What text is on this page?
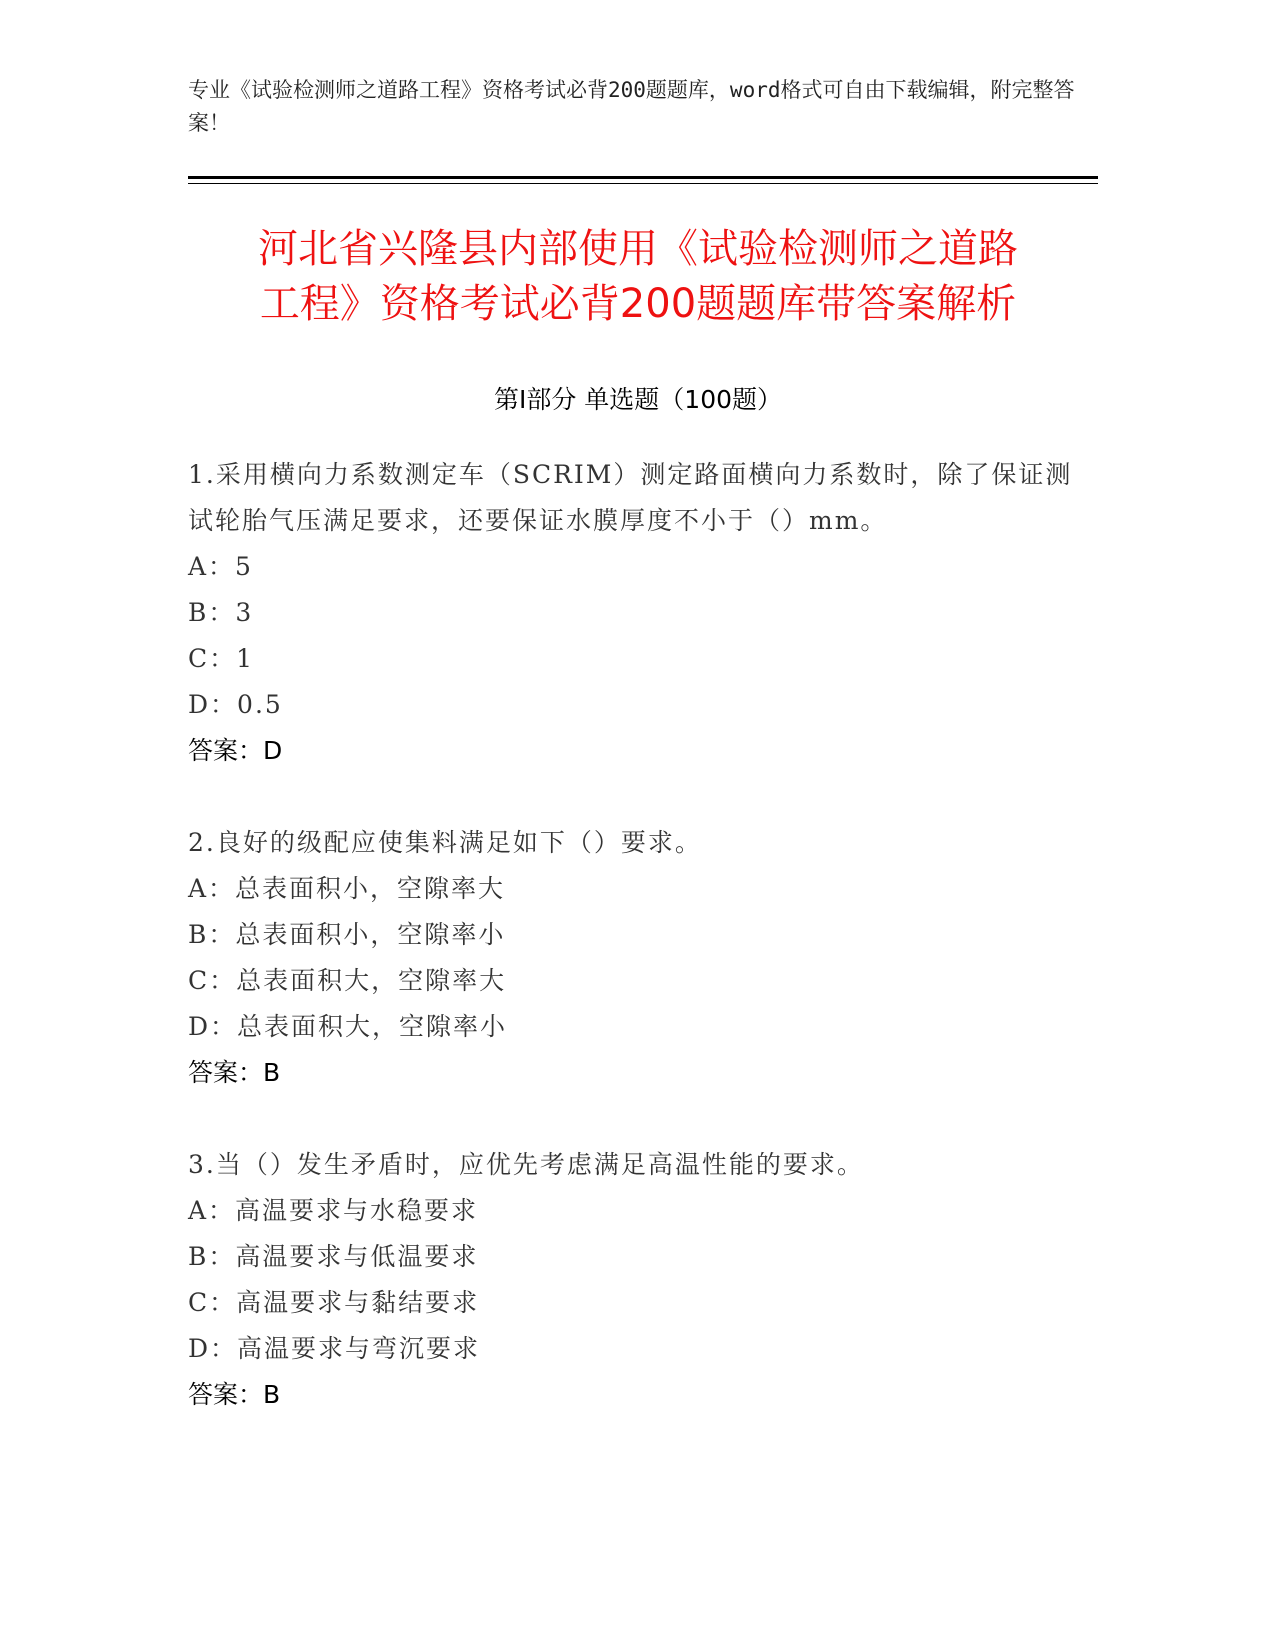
专业《试验检测师之道路工程》资格考试必背200题题库，word格式可自由下载编辑，附完整答案！
河北省兴隆县内部使用《试验检测师之道路
工程》资格考试必背200题题库带答案解析
第Ⅰ部分 单选题（100题）
1.采用横向力系数测定车（SCRIM）测定路面横向力系数时，除了保证测试轮胎气压满足要求，还要保证水膜厚度不小于（）mm。
A：5
B：3
C：1
D：0.5
答案：D
2.良好的级配应使集料满足如下（）要求。
A：总表面积小，空隙率大
B：总表面积小，空隙率小
C：总表面积大，空隙率大
D：总表面积大，空隙率小
答案：B
3.当（）发生矛盾时，应优先考虑满足高温性能的要求。
A：高温要求与水稳要求
B：高温要求与低温要求
C：高温要求与黏结要求
D：高温要求与弯沉要求
答案：B
